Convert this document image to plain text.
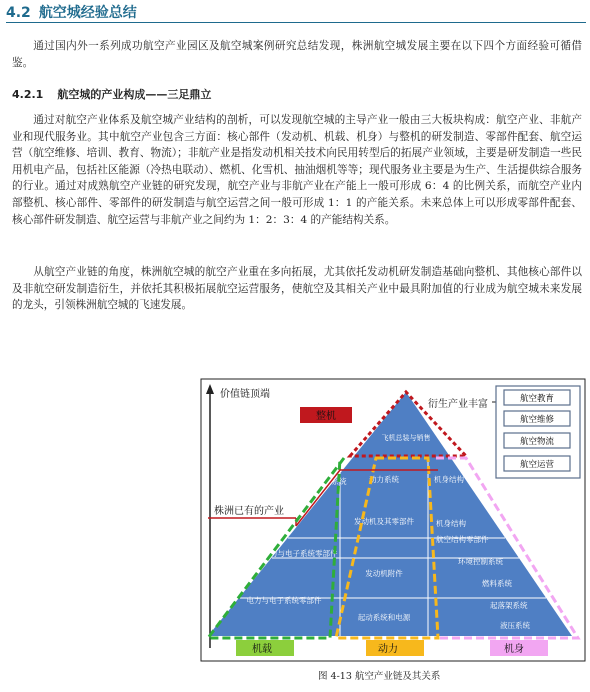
4.2 航空城经验总结
通过国内外一系列成功航空产业园区及航空城案例研究总结发现，株洲航空城发展主要在以下四个方面经验可循借鉴。
4.2.1 航空城的产业构成——三足鼎立
通过对航空产业体系及航空城产业结构的剖析，可以发现航空城的主导产业一般由三大板块构成：航空产业、非航产业和现代服务业。其中航空产业包含三方面：核心部件（发动机、机载、机身）与整机的研发制造、零部件配套、航空运营（航空维修、培训、教育、物流）；非航产业是指发动机相关技术向民用转型后的拓展产业领域，主要是研发制造一些民用机电产品，包括社区能源（冷热电联动）、燃机、化雪机、抽油烟机等等；现代服务业主要是为生产、生活提供综合服务的行业。通过对成熟航空产业链的研究发现，航空产业与非航产业在产能上一般可形成 6：4 的比例关系，而航空产业内部整机、核心部件、零部件的研发制造与航空运营之间一般可形成 1：1 的产能关系。未来总体上可以形成零部件配套、核心部件研发制造、航空运营与非航产业之间约为 1：2：3：4 的产能结构关系。
从航空产业链的角度，株洲航空城的航空产业重在多向拓展，尤其依托发动机研发制造基础向整机、其他核心部件以及非航空研发制造衍生，并依托其积极拓展航空运营服务，使航空及其相关产业中最具附加值的行业成为航空城未来发展的龙头，引领株洲航空城的飞速发展。
价值链顶端
飞机总装与销售
整机
衍生产业丰富	航空教育
航空维修
航空物流
航空运营
株洲已有的产业
航空电子系统
电力与电子系统零部件
电力与电子系统零部件
动力系统
发动机及其零部件
发动机附件
起动系统和电源
机身结构
机身结构
航空结构零部件
环境控制系统
燃料系统
起落架系统
液压系统
机载	动力	机身
图 4-13 航空产业链及其关系
